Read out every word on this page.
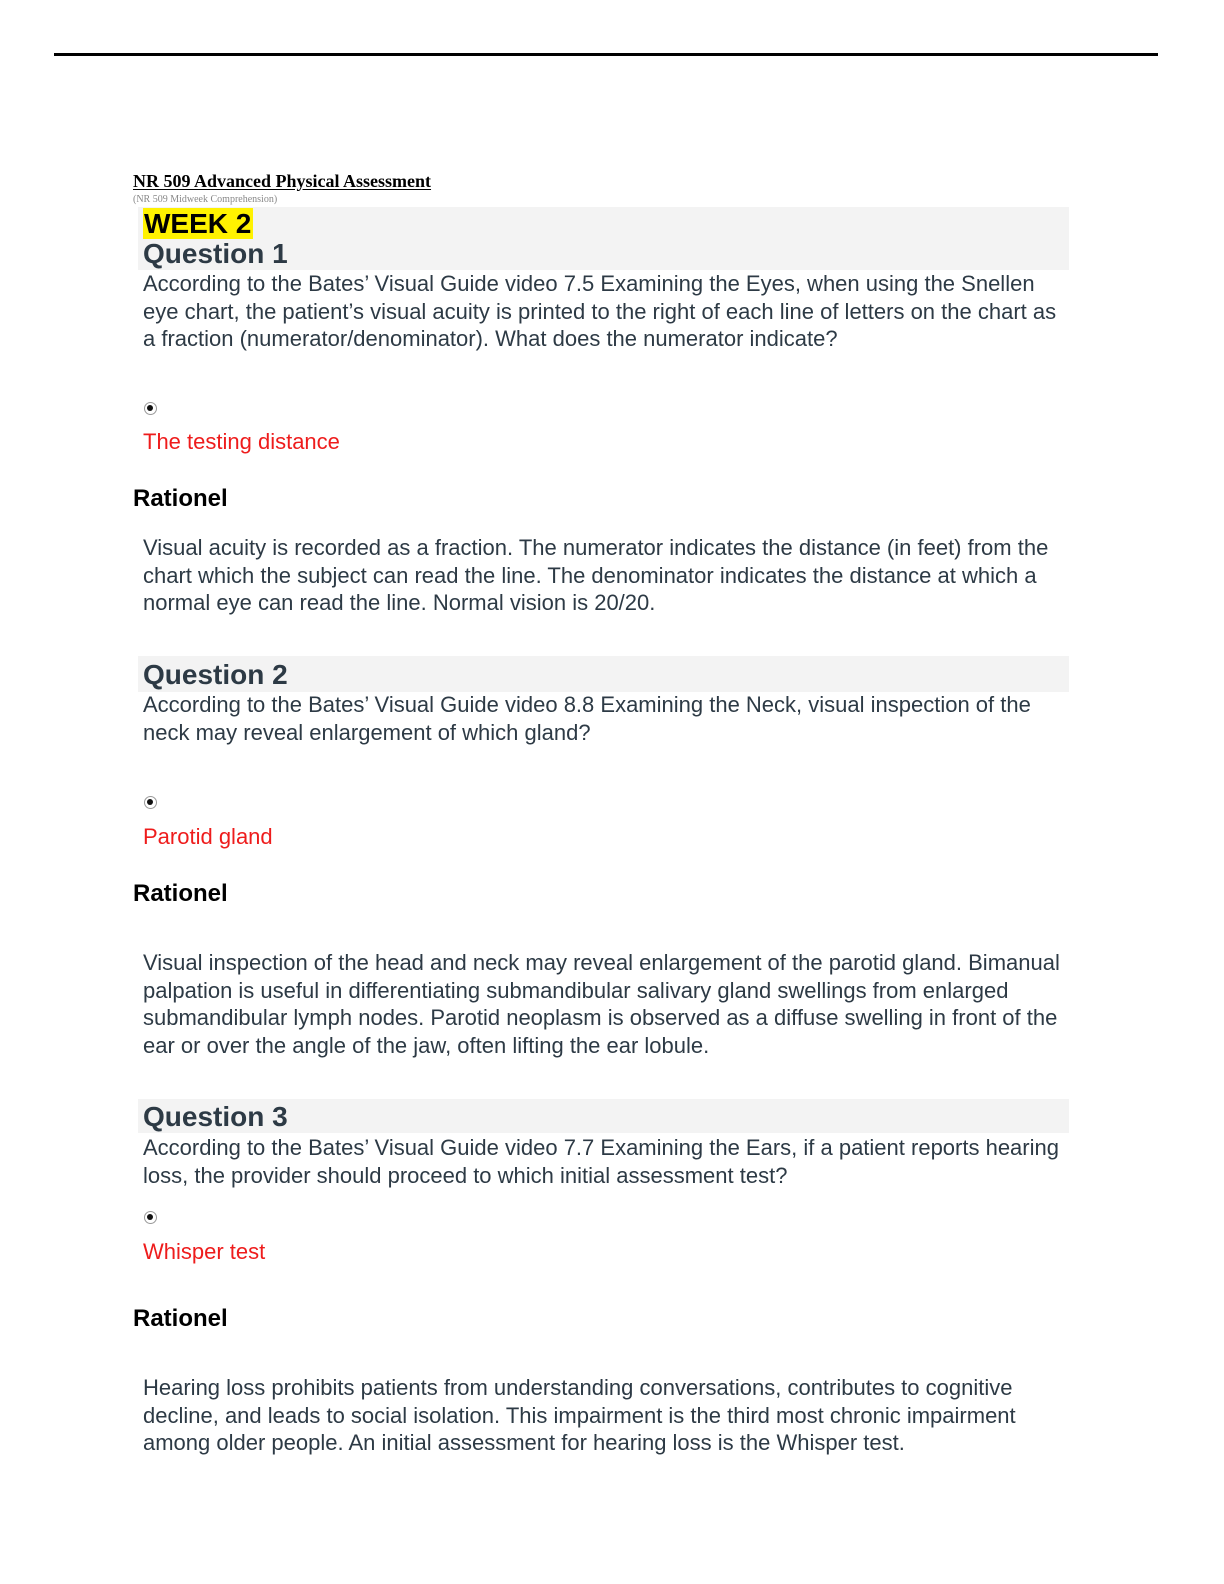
NR 509 Advanced Physical Assessment
(NR 509 Midweek Comprehension)
WEEK 2
Question 1
According to the Bates’ Visual Guide video 7.5 Examining the Eyes, when using the Snellen eye chart, the patient’s visual acuity is printed to the right of each line of letters on the chart as a fraction (numerator/denominator). What does the numerator indicate?
The testing distance
Rationel
Visual acuity is recorded as a fraction. The numerator indicates the distance (in feet) from the chart which the subject can read the line. The denominator indicates the distance at which a normal eye can read the line. Normal vision is 20/20.
Question 2
According to the Bates’ Visual Guide video 8.8 Examining the Neck, visual inspection of the neck may reveal enlargement of which gland?
Parotid gland
Rationel
Visual inspection of the head and neck may reveal enlargement of the parotid gland. Bimanual palpation is useful in differentiating submandibular salivary gland swellings from enlarged submandibular lymph nodes. Parotid neoplasm is observed as a diffuse swelling in front of the ear or over the angle of the jaw, often lifting the ear lobule.
Question 3
According to the Bates’ Visual Guide video 7.7 Examining the Ears, if a patient reports hearing loss, the provider should proceed to which initial assessment test?
Whisper test
Rationel
Hearing loss prohibits patients from understanding conversations, contributes to cognitive decline, and leads to social isolation. This impairment is the third most chronic impairment among older people. An initial assessment for hearing loss is the Whisper test.
